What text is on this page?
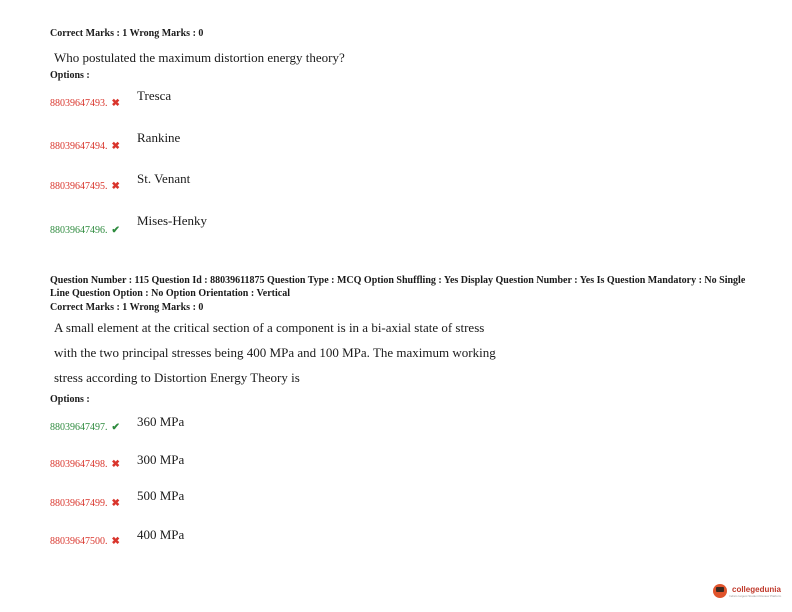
Correct Marks : 1 Wrong Marks : 0
Who postulated the maximum distortion energy theory?
Options :
88039647493. ✖
Tresca
88039647494. ✖
Rankine
88039647495. ✖
St. Venant
88039647496. ✔
Mises-Henky
Question Number : 115 Question Id : 88039611875 Question Type : MCQ Option Shuffling : Yes Display Question Number : Yes Is Question Mandatory : No Single Line Question Option : No Option Orientation : Vertical
Correct Marks : 1 Wrong Marks : 0
A small element at the critical section of a component is in a bi-axial state of stress
with the two principal stresses being 400 MPa and 100 MPa. The maximum working
stress according to Distortion Energy Theory is
Options :
88039647497. ✔ 360 MPa
88039647498. ✖ 300 MPa
88039647499. ✖
500 MPa
88039647500. ✖ 400 MPa
collegedunia
India's largest Student Review Platform
